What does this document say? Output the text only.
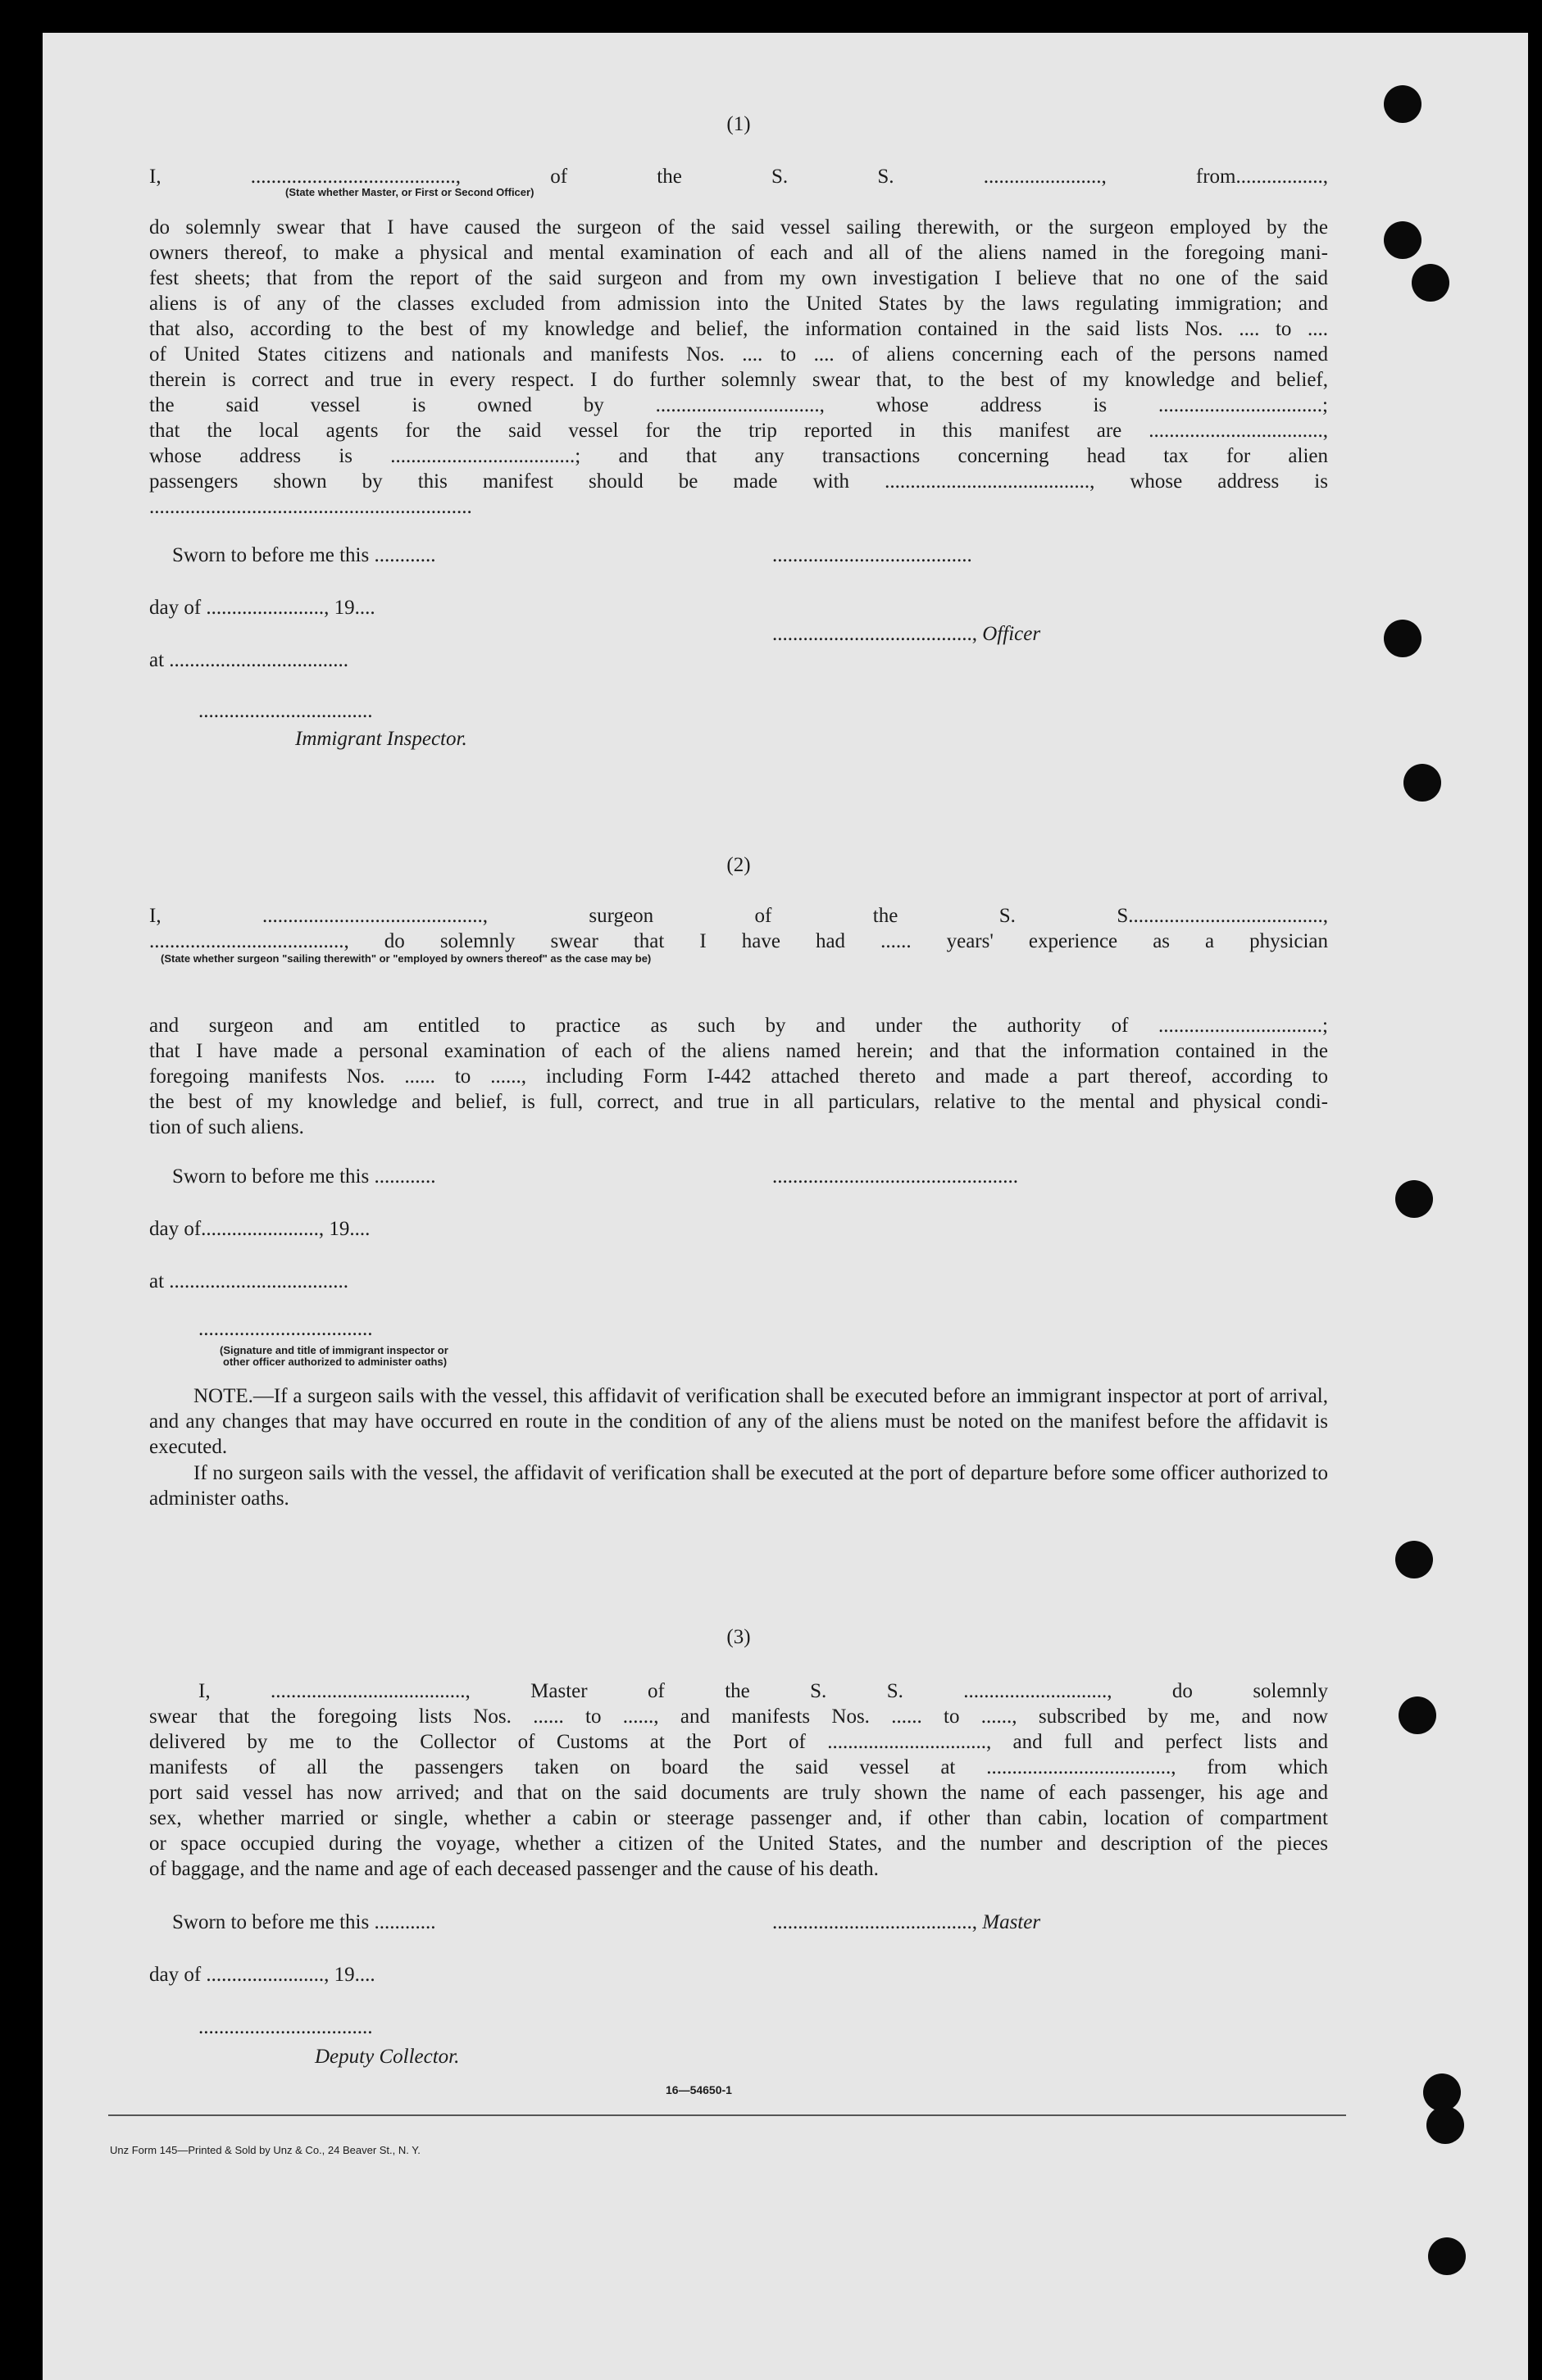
(1)
I, ........................................, of the S. S. ......................., from.................,
(State whether Master, or First or Second Officer)
do solemnly swear that I have caused the surgeon of the said vessel sailing therewith, or the surgeon employed by the
owners thereof, to make a physical and mental examination of each and all of the aliens named in the foregoing mani-
fest sheets; that from the report of the said surgeon and from my own investigation I believe that no one of the said
aliens is of any of the classes excluded from admission into the United States by the laws regulating immigration; and
that also, according to the best of my knowledge and belief, the information contained in the said lists Nos. .... to ....
of United States citizens and nationals and manifests Nos. .... to .... of aliens concerning each of the persons named
therein is correct and true in every respect. I do further solemnly swear that, to the best of my knowledge and belief,
the said vessel is owned by ................................, whose address is ................................;
that the local agents for the said vessel for the trip reported in this manifest are ..................................,
whose address is ....................................; and that any transactions concerning head tax for alien
passengers shown by this manifest should be made with ........................................, whose address is
...............................................................
Sworn to before me this ............	.......................................
day of ......................., 19....
......................................., Officer
at ...................................
..................................
Immigrant Inspector.
(2)
I, ..........................................., surgeon of the S. S......................................,
......................................, do solemnly swear that I have had ...... years' experience as a physician
(State whether surgeon "sailing therewith" or "employed by owners thereof" as the case may be)
and surgeon and am entitled to practice as such by and under the authority of ................................;
that I have made a personal examination of each of the aliens named herein; and that the information contained in the
foregoing manifests Nos. ...... to ......, including Form I-442 attached thereto and made a part thereof, according to
the best of my knowledge and belief, is full, correct, and true in all particulars, relative to the mental and physical condi-
tion of such aliens.
Sworn to before me this ............	................................................
day of......................., 19....
at ...................................
..................................
(Signature and title of immigrant inspector or
other officer authorized to administer oaths)
NOTE.—If a surgeon sails with the vessel, this affidavit of verification shall be executed before an immigrant inspector at port of arrival, and any changes that may have occurred en route in the condition of any of the aliens must be noted on the manifest before the affidavit is executed.
If no surgeon sails with the vessel, the affidavit of verification shall be executed at the port of departure before some officer authorized to administer oaths.
(3)
I, ......................................, Master of the S. S. ............................, do solemnly
swear that the foregoing lists Nos. ...... to ......, and manifests Nos. ...... to ......, subscribed by me, and now
delivered by me to the Collector of Customs at the Port of ..............................., and full and perfect lists and
manifests of all the passengers taken on board the said vessel at ...................................., from which
port said vessel has now arrived; and that on the said documents are truly shown the name of each passenger, his age and
sex, whether married or single, whether a cabin or steerage passenger and, if other than cabin, location of compartment
or space occupied during the voyage, whether a citizen of the United States, and the number and description of the pieces
of baggage, and the name and age of each deceased passenger and the cause of his death.
Sworn to before me this ............	......................................., Master
day of ......................., 19....
..................................
Deputy Collector.
16—54650-1
Unz Form 145—Printed & Sold by Unz & Co., 24 Beaver St., N. Y.
